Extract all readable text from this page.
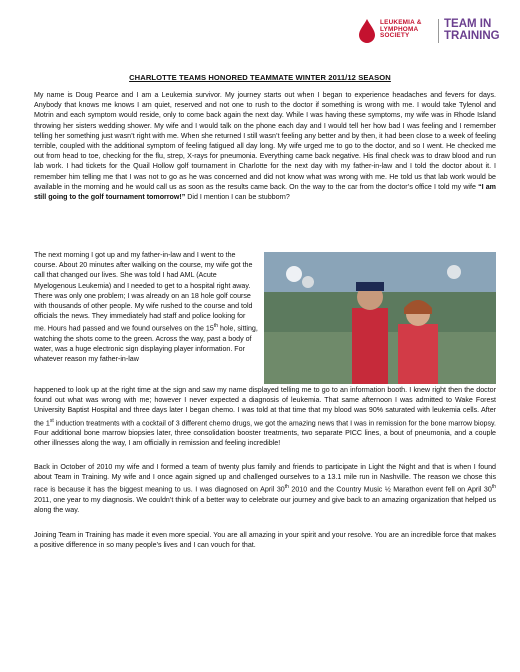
LEUKEMIA &
LYMPHOMA
SOCIETY
TEAM IN
TRAINING
CHARLOTTE TEAMS HONORED TEAMMATE WINTER 2011/12 SEASON

My name is Doug Pearce and I am a Leukemia survivor. My journey starts out when I began to experience headaches and fevers for days. Anybody that knows me knows I am quiet, reserved and not one to rush to the doctor if something is wrong with me. I would take Tylenol and Motrin and each symptom would reside, only to come back again the next day. While I was having these symptoms, my wife was in Rhode Island throwing her sisters wedding shower. My wife and I would talk on the phone each day and I would tell her how bad I was feeling and I remember telling her something just wasn’t right with me. When she returned I still wasn’t feeling any better and by then, it had been close to a week of feeling terrible, coupled with the additional symptom of feeling fatigued all day long. My wife urged me to go to the doctor, and so I went. He checked me out from head to toe, checking for the flu, strep, X-rays for pneumonia. Everything came back negative. His final check was to draw blood and run lab work. I had tickets for the Quail Hollow golf tournament in Charlotte for the next day with my father-in-law and I told the doctor about it. I remember him telling me that I was not to go as he was concerned and did not know what was wrong with me. He told us that lab work would be available in the morning and he would call us as soon as the results came back. On the way to the car from the doctor’s office I told my wife “I am still going to the golf tournament tomorrow!” Did I mention I can be stubborn?

The next morning I got up and my father-in-law and I went to the course. About 20 minutes after walking on the course, my wife got the call that changed our lives. She was told I had AML (Acute Myelogenous Leukemia) and I needed to get to a hospital right away. There was only one problem; I was already on an 18 hole golf course with thousands of other people. My wife rushed to the course and told officials the news. They immediately had staff and police looking for me. Hours had passed and we found ourselves on the 15th hole, sitting, watching the shots come to the green. Across the way, past a body of water, was a huge electronic sign displaying player information. For whatever reason my father-in-law

happened to look up at the right time at the sign and saw my name displayed telling me to go to an information booth. I knew right then the doctor found out what was wrong with me; however I never expected a diagnosis of leukemia. That same afternoon I was admitted to Wake Forest University Baptist Hospital and three days later I began chemo. I was told at that time that my blood was 90% saturated with leukemia cells. After the 1st induction treatments with a cocktail of 3 different chemo drugs, we got the amazing news that I was in remission for the bone marrow biopsy. Four additional bone marrow biopsies later, three consolidation booster treatments, two separate PICC lines, a bout of pneumonia, and a couple other illnesses along the way, I am officially in remission and feeling incredible!

Back in October of 2010 my wife and I formed a team of twenty plus family and friends to participate in Light the Night and that is when I found about Team in Training. My wife and I once again signed up and challenged ourselves to a 13.1 mile run in Nashville. The reason we chose this race is because it has the biggest meaning to us. I was diagnosed on April 30th 2010 and the Country Music ½ Marathon event fell on April 30th 2011, one year to my diagnosis. We couldn’t think of a better way to celebrate our journey and give back to an amazing organization that helped us along the way.

Joining Team in Training has made it even more special. You are all amazing in your spirit and your resolve. You are an incredible force that makes a positive difference in so many people’s lives and I can vouch for that.
